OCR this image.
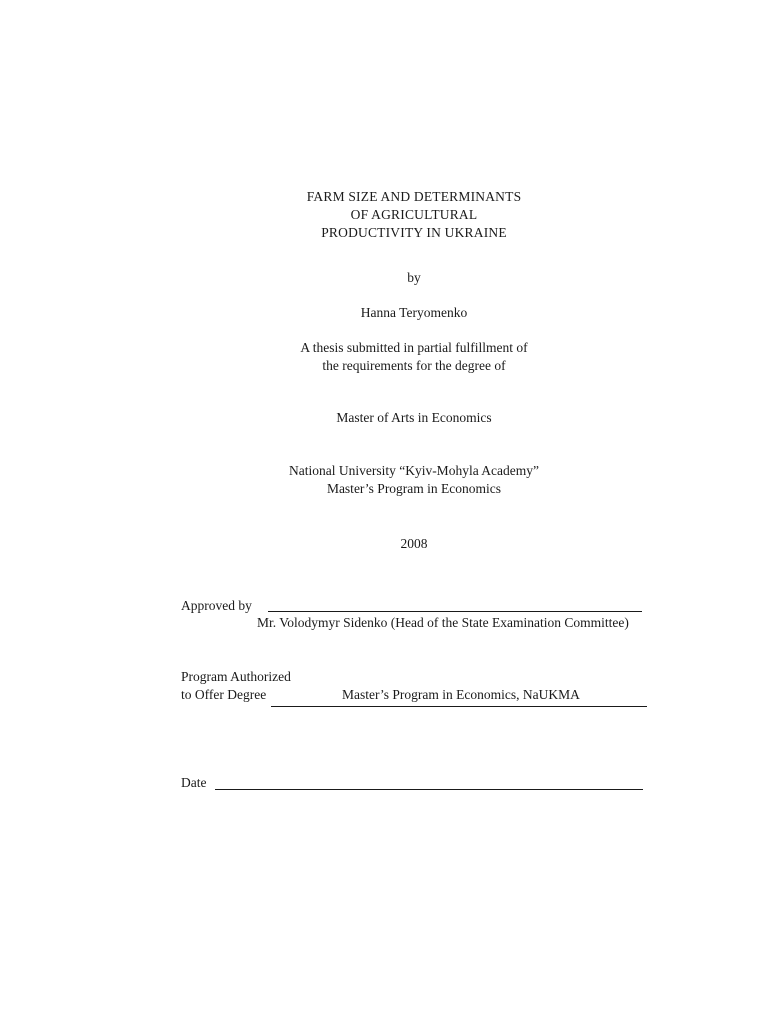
FARM SIZE AND DETERMINANTS
OF AGRICULTURAL
PRODUCTIVITY IN UKRAINE
by
Hanna Teryomenko
A thesis submitted in partial fulfillment of
the requirements for the degree of
Master of Arts in Economics
National University “Kyiv-Mohyla Academy”
Master’s Program in Economics
2008
Approved by
Mr. Volodymyr Sidenko (Head of the State Examination Committee)
Program Authorized
to Offer Degree	Master’s Program in Economics, NaUKMA
Date
